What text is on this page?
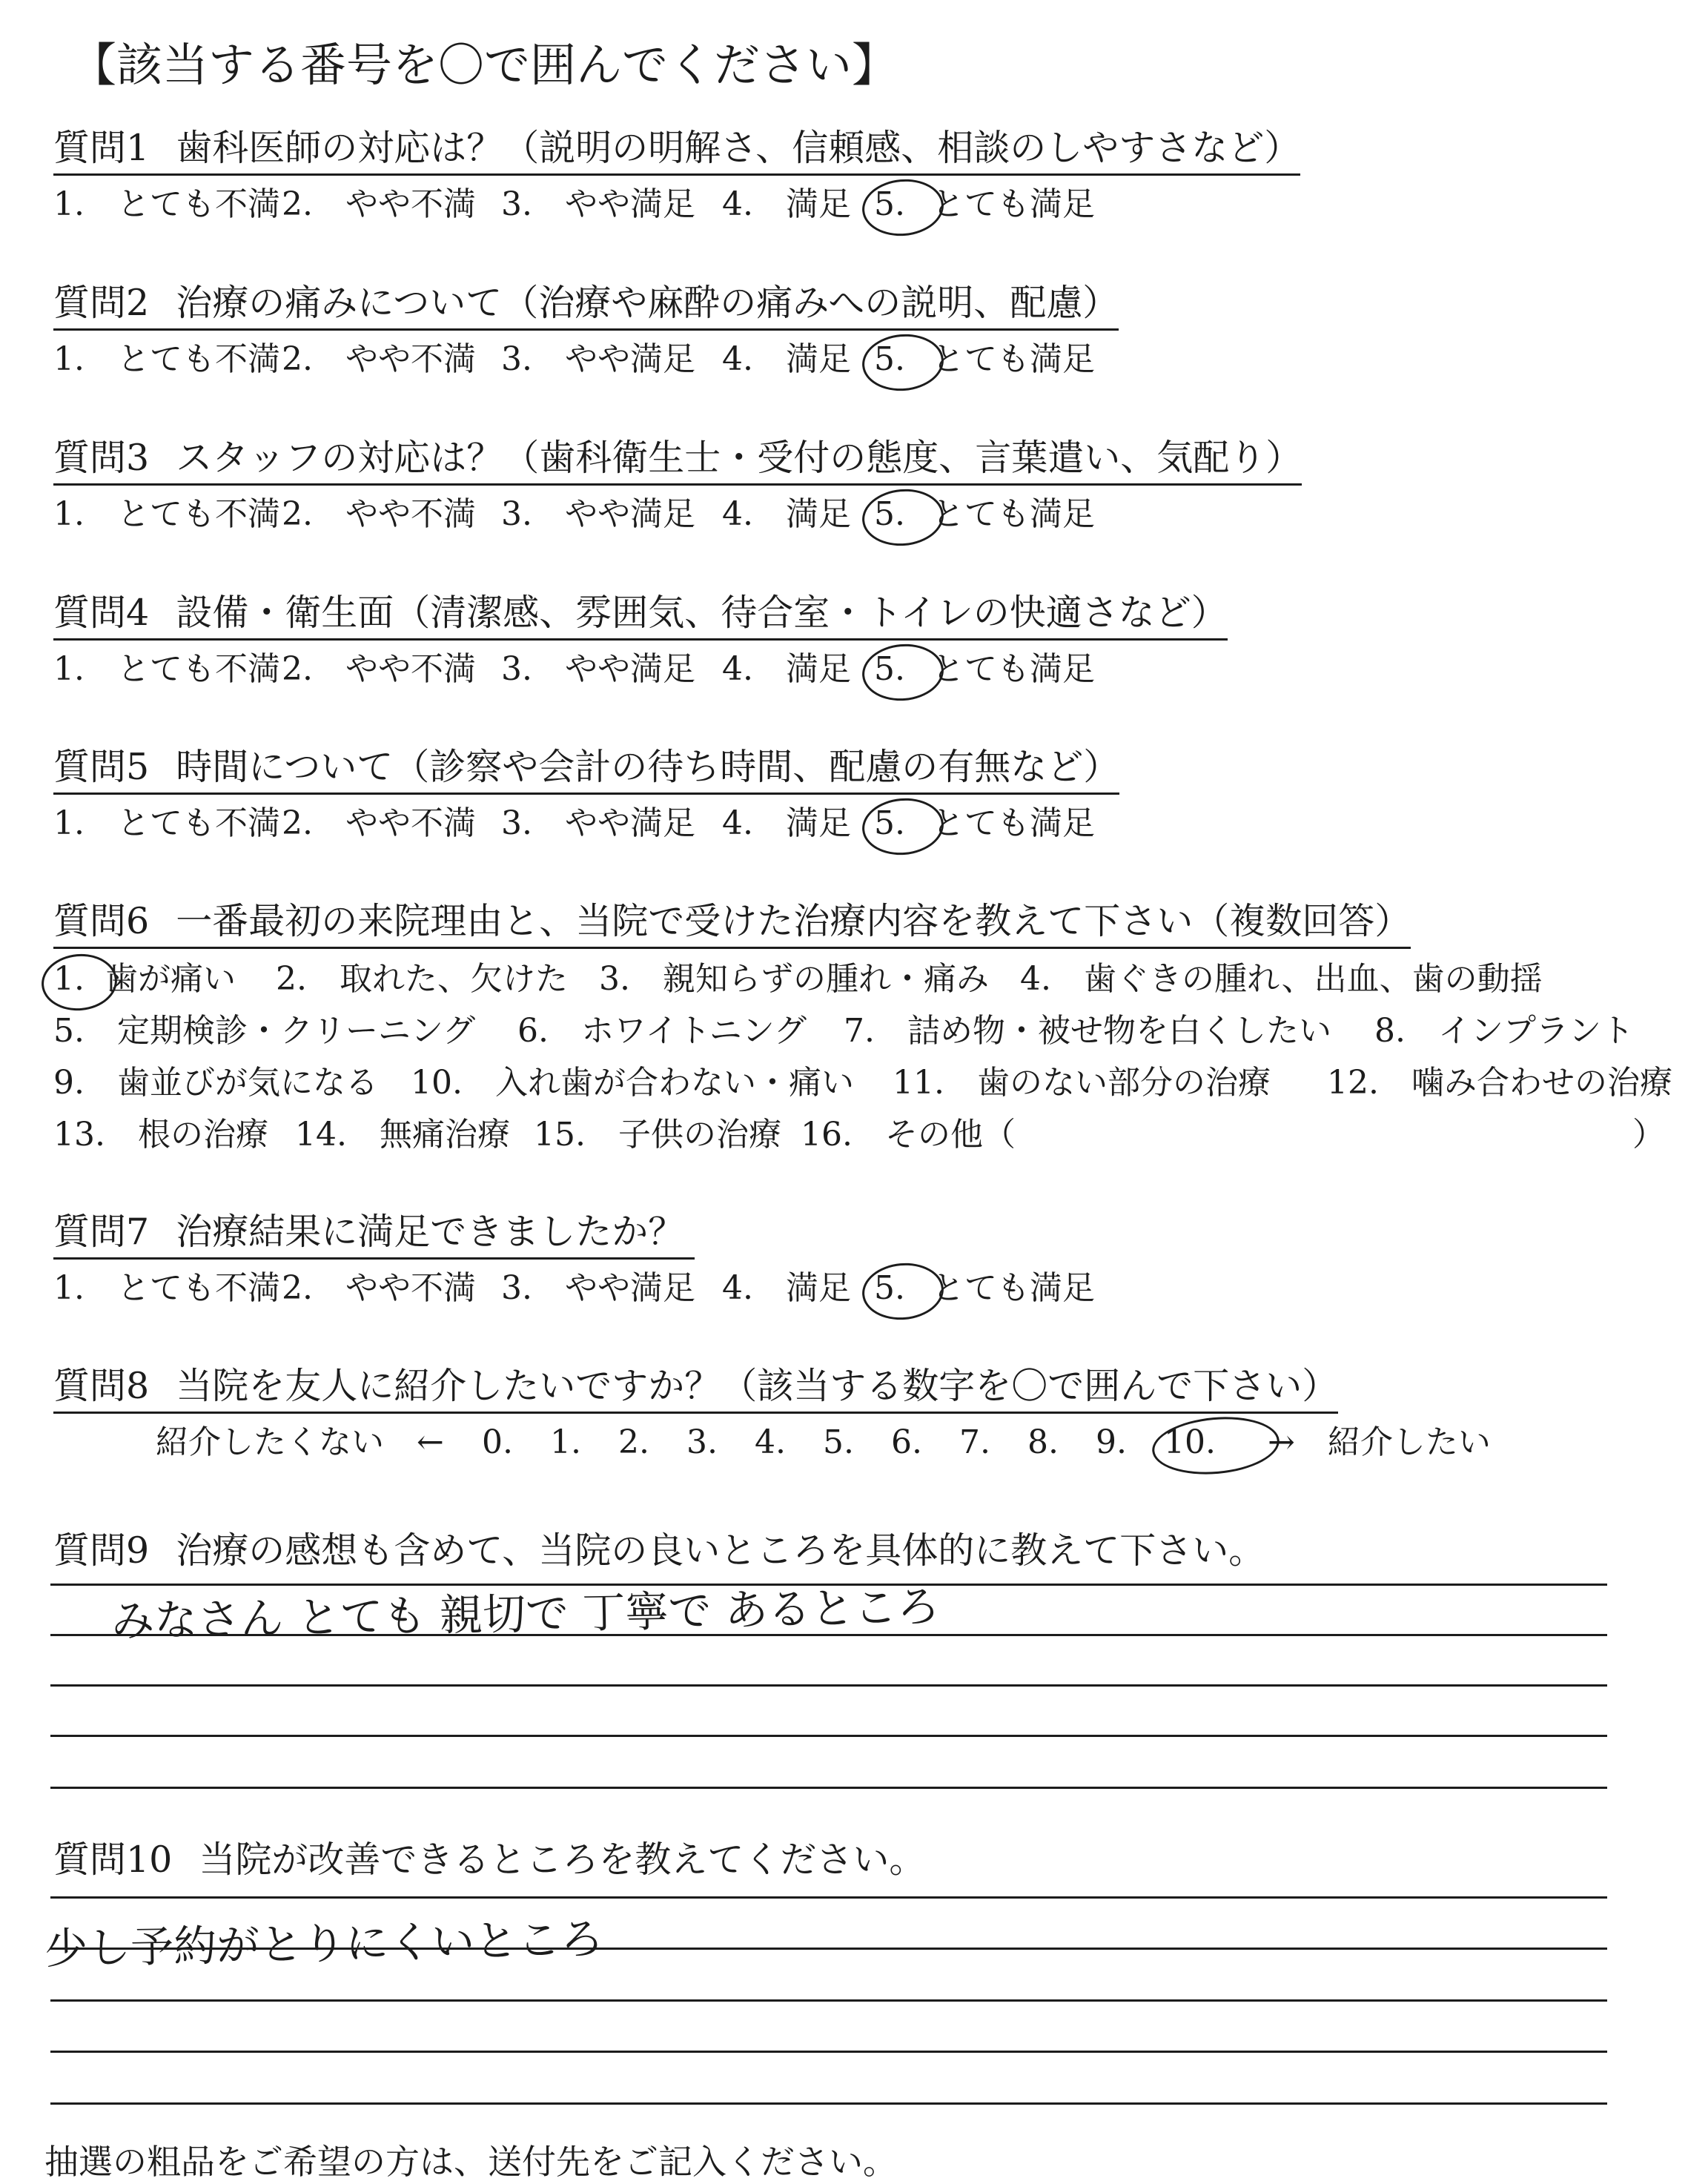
【該当する番号を〇で囲んでください】
質問1 歯科医師の対応は？（説明の明解さ、信頼感、相談のしやすさなど）
1.　とても不満2.　やや不満 3.　やや満足 4.　満足 5. とても満足
質問2 治療の痛みについて（治療や麻酔の痛みへの説明、配慮）
1.　とても不満2.　やや不満 3.　やや満足 4.　満足 5. とても満足
質問3 スタッフの対応は？（歯科衛生士・受付の態度、言葉遣い、気配り）
1.　とても不満2.　やや不満 3.　やや満足 4.　満足 5. とても満足
質問4 設備・衛生面（清潔感、雰囲気、待合室・トイレの快適さなど）
1.　とても不満2.　やや不満 3.　やや満足 4.　満足 5. とても満足
質問5 時間について（診察や会計の待ち時間、配慮の有無など）
1.　とても不満2.　やや不満 3.　やや満足 4.　満足 5. とても満足
質問6 一番最初の来院理由と、当院で受けた治療内容を教えて下さい（複数回答）
1. 歯が痛い 2.　取れた、欠けた 3.　親知らずの腫れ・痛み 4.　歯ぐきの腫れ、出血、歯の動揺
5.　定期検診・クリーニング 6.　ホワイトニング 7.　詰め物・被せ物を白くしたい 8.　インプラント
9.　歯並びが気になる 10.　入れ歯が合わない・痛い 11.　歯のない部分の治療 12.　噛み合わせの治療
13.　根の治療 14.　無痛治療 15.　子供の治療 16.　その他（	）
質問7 治療結果に満足できましたか？
1.　とても不満2.　やや不満 3.　やや満足 4.　満足 5. とても満足
質問8 当院を友人に紹介したいですか？（該当する数字を〇で囲んで下さい）
紹介したくない　← 0. 1. 2. 3. 4. 5. 6. 7. 8. 9. 10. →　紹介したい
質問9 治療の感想も含めて、当院の良いところを具体的に教えて下さい。
みなさん とても 親切で 丁寧で あるところ
質問10 当院が改善できるところを教えてください。
少し予約がとりにくいところ
抽選の粗品をご希望の方は、送付先をご記入ください。
